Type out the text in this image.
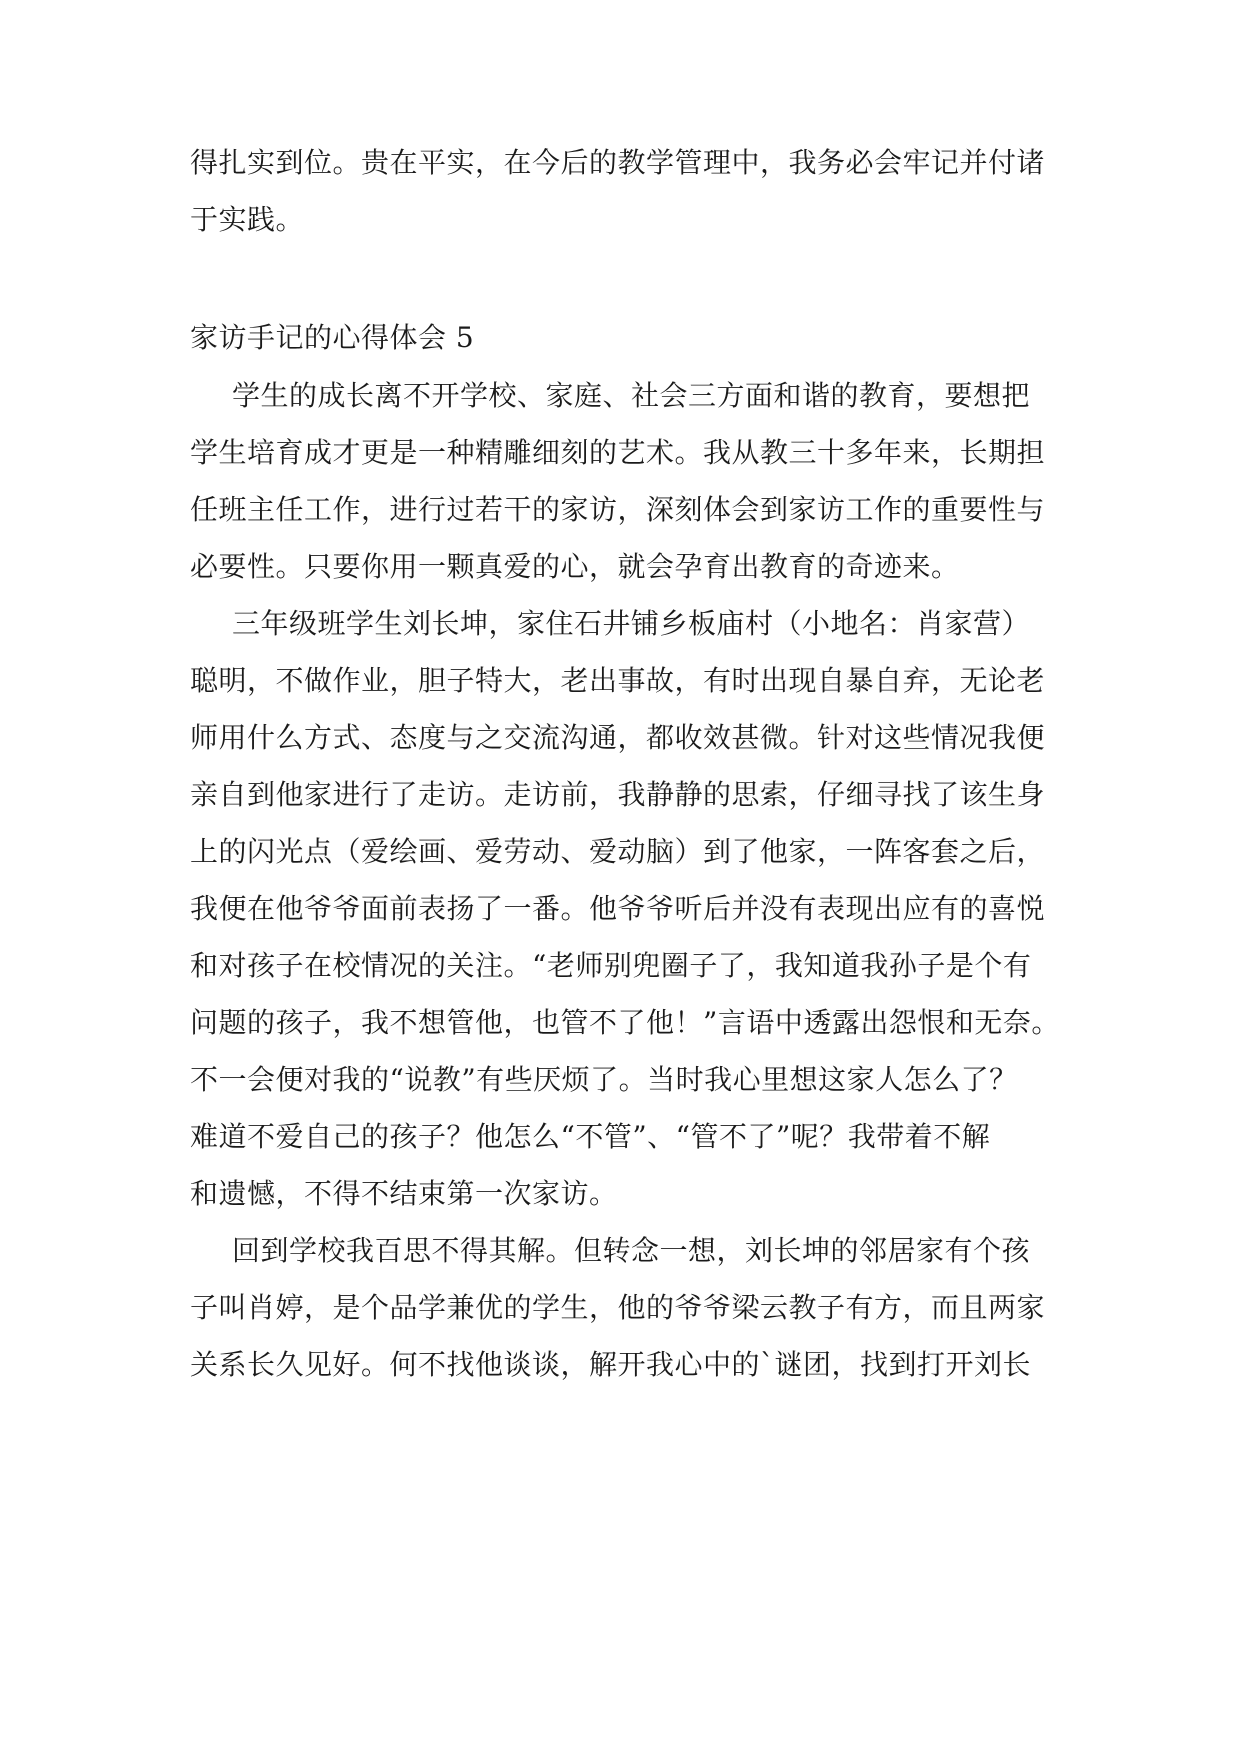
得扎实到位。贵在平实，在今后的教学管理中，我务必会牢记并付诸
于实践。
家访手记的心得体会 5
学生的成长离不开学校、家庭、社会三方面和谐的教育，要想把
学生培育成才更是一种精雕细刻的艺术。我从教三十多年来，长期担
任班主任工作，进行过若干的家访，深刻体会到家访工作的重要性与
必要性。只要你用一颗真爱的心，就会孕育出教育的奇迹来。
三年级班学生刘长坤，家住石井铺乡板庙村（小地名：肖家营）
聪明，不做作业，胆子特大，老出事故，有时出现自暴自弃，无论老
师用什么方式、态度与之交流沟通，都收效甚微。针对这些情况我便
亲自到他家进行了走访。走访前，我静静的思索，仔细寻找了该生身
上的闪光点（爱绘画、爱劳动、爱动脑）到了他家，一阵客套之后，
我便在他爷爷面前表扬了一番。他爷爷听后并没有表现出应有的喜悦
和对孩子在校情况的关注。“老师别兜圈子了，我知道我孙子是个有
问题的孩子，我不想管他，也管不了他！”言语中透露出怨恨和无奈。
不一会便对我的“说教”有些厌烦了。当时我心里想这家人怎么了？
难道不爱自己的孩子？他怎么“不管”、“管不了”呢？我带着不解
和遗憾，不得不结束第一次家访。
回到学校我百思不得其解。但转念一想，刘长坤的邻居家有个孩
子叫肖婷，是个品学兼优的学生，他的爷爷梁云教子有方，而且两家
关系长久见好。何不找他谈谈，解开我心中的`谜团，找到打开刘长
